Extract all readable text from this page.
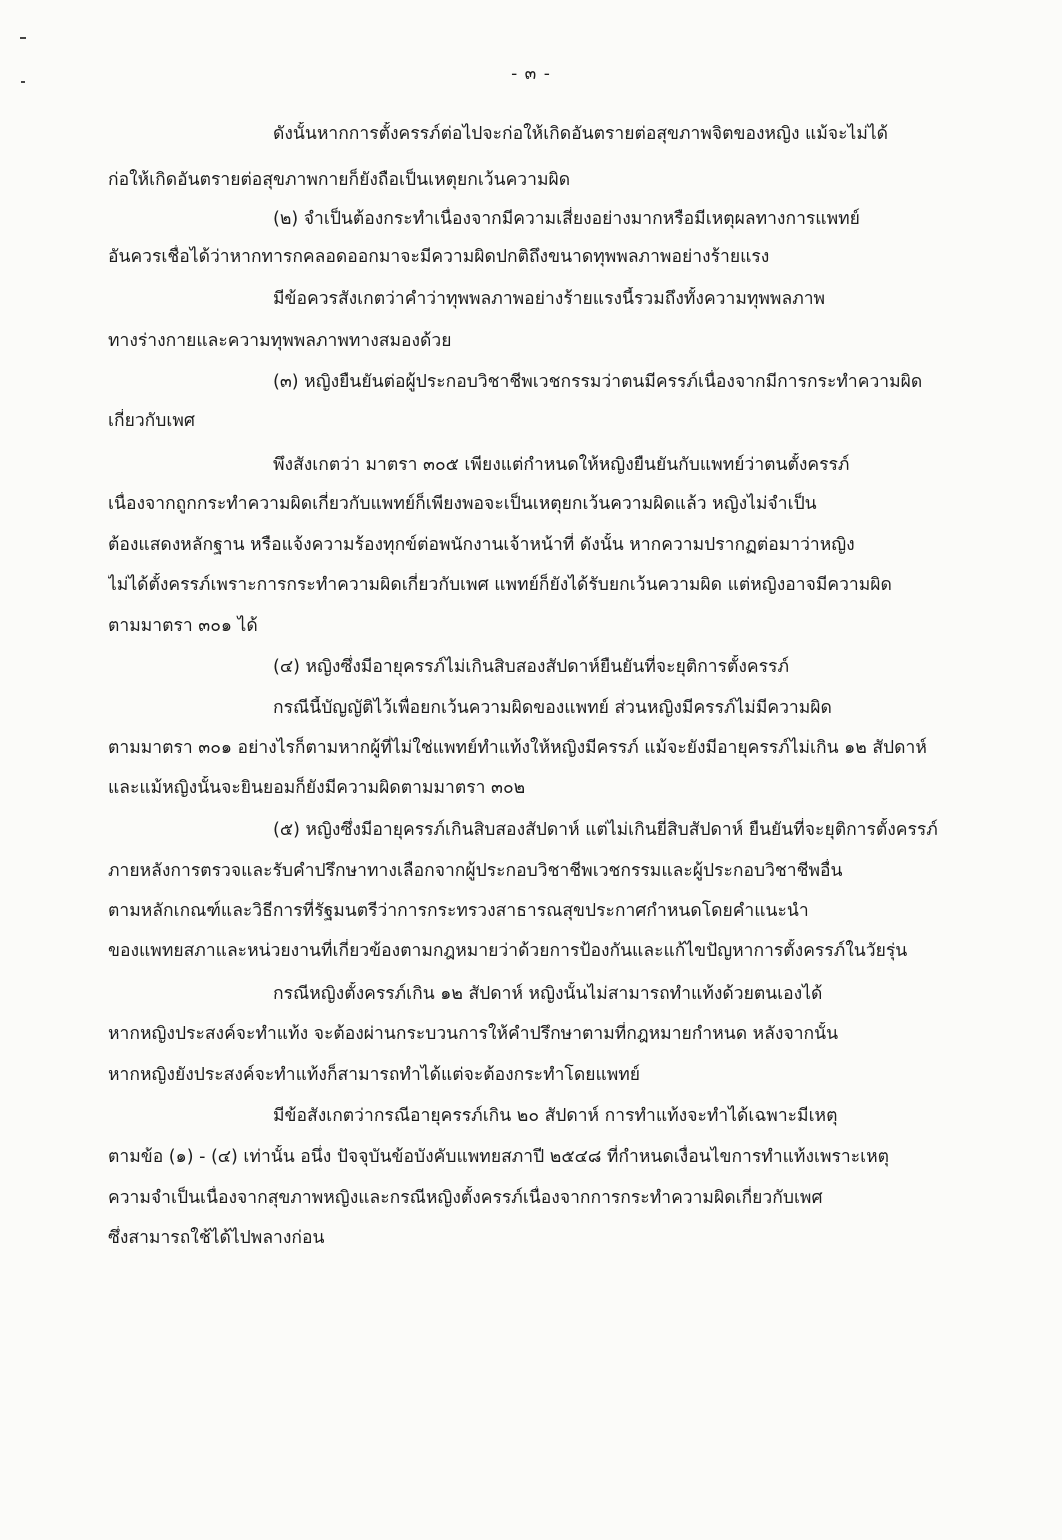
- ๓ -
ดังนั้นหากการตั้งครรภ์ต่อไปจะก่อให้เกิดอันตรายต่อสุขภาพจิตของหญิง แม้จะไม่ได้
ก่อให้เกิดอันตรายต่อสุขภาพกายก็ยังถือเป็นเหตุยกเว้นความผิด
(๒) จำเป็นต้องกระทำเนื่องจากมีความเสี่ยงอย่างมากหรือมีเหตุผลทางการแพทย์
อันควรเชื่อได้ว่าหากทารกคลอดออกมาจะมีความผิดปกติถึงขนาดทุพพลภาพอย่างร้ายแรง
มีข้อควรสังเกตว่าคำว่าทุพพลภาพอย่างร้ายแรงนี้รวมถึงทั้งความทุพพลภาพ
ทางร่างกายและความทุพพลภาพทางสมองด้วย
(๓) หญิงยืนยันต่อผู้ประกอบวิชาชีพเวชกรรมว่าตนมีครรภ์เนื่องจากมีการกระทำความผิด
เกี่ยวกับเพศ
พึงสังเกตว่า มาตรา ๓๐๕ เพียงแต่กำหนดให้หญิงยืนยันกับแพทย์ว่าตนตั้งครรภ์
เนื่องจากถูกกระทำความผิดเกี่ยวกับแพทย์ก็เพียงพอจะเป็นเหตุยกเว้นความผิดแล้ว หญิงไม่จำเป็น
ต้องแสดงหลักฐาน หรือแจ้งความร้องทุกข์ต่อพนักงานเจ้าหน้าที่ ดังนั้น หากความปรากฏต่อมาว่าหญิง
ไม่ได้ตั้งครรภ์เพราะการกระทำความผิดเกี่ยวกับเพศ แพทย์ก็ยังได้รับยกเว้นความผิด แต่หญิงอาจมีความผิด
ตามมาตรา ๓๐๑ ได้
(๔) หญิงซึ่งมีอายุครรภ์ไม่เกินสิบสองสัปดาห์ยืนยันที่จะยุติการตั้งครรภ์
กรณีนี้บัญญัติไว้เพื่อยกเว้นความผิดของแพทย์ ส่วนหญิงมีครรภ์ไม่มีความผิด
ตามมาตรา ๓๐๑ อย่างไรก็ตามหากผู้ที่ไม่ใช่แพทย์ทำแท้งให้หญิงมีครรภ์ แม้จะยังมีอายุครรภ์ไม่เกิน ๑๒ สัปดาห์
และแม้หญิงนั้นจะยินยอมก็ยังมีความผิดตามมาตรา ๓๐๒
(๕) หญิงซึ่งมีอายุครรภ์เกินสิบสองสัปดาห์ แต่ไม่เกินยี่สิบสัปดาห์ ยืนยันที่จะยุติการตั้งครรภ์
ภายหลังการตรวจและรับคำปรึกษาทางเลือกจากผู้ประกอบวิชาชีพเวชกรรมและผู้ประกอบวิชาชีพอื่น
ตามหลักเกณฑ์และวิธีการที่รัฐมนตรีว่าการกระทรวงสาธารณสุขประกาศกำหนดโดยคำแนะนำ
ของแพทยสภาและหน่วยงานที่เกี่ยวข้องตามกฎหมายว่าด้วยการป้องกันและแก้ไขปัญหาการตั้งครรภ์ในวัยรุ่น
กรณีหญิงตั้งครรภ์เกิน ๑๒ สัปดาห์ หญิงนั้นไม่สามารถทำแท้งด้วยตนเองได้
หากหญิงประสงค์จะทำแท้ง จะต้องผ่านกระบวนการให้คำปรึกษาตามที่กฎหมายกำหนด หลังจากนั้น
หากหญิงยังประสงค์จะทำแท้งก็สามารถทำได้แต่จะต้องกระทำโดยแพทย์
มีข้อสังเกตว่ากรณีอายุครรภ์เกิน ๒๐ สัปดาห์ การทำแท้งจะทำได้เฉพาะมีเหตุ
ตามข้อ (๑) - (๔) เท่านั้น อนึ่ง ปัจจุบันข้อบังคับแพทยสภาปี ๒๕๔๘ ที่กำหนดเงื่อนไขการทำแท้งเพราะเหตุ
ความจำเป็นเนื่องจากสุขภาพหญิงและกรณีหญิงตั้งครรภ์เนื่องจากการกระทำความผิดเกี่ยวกับเพศ
ซึ่งสามารถใช้ได้ไปพลางก่อน
